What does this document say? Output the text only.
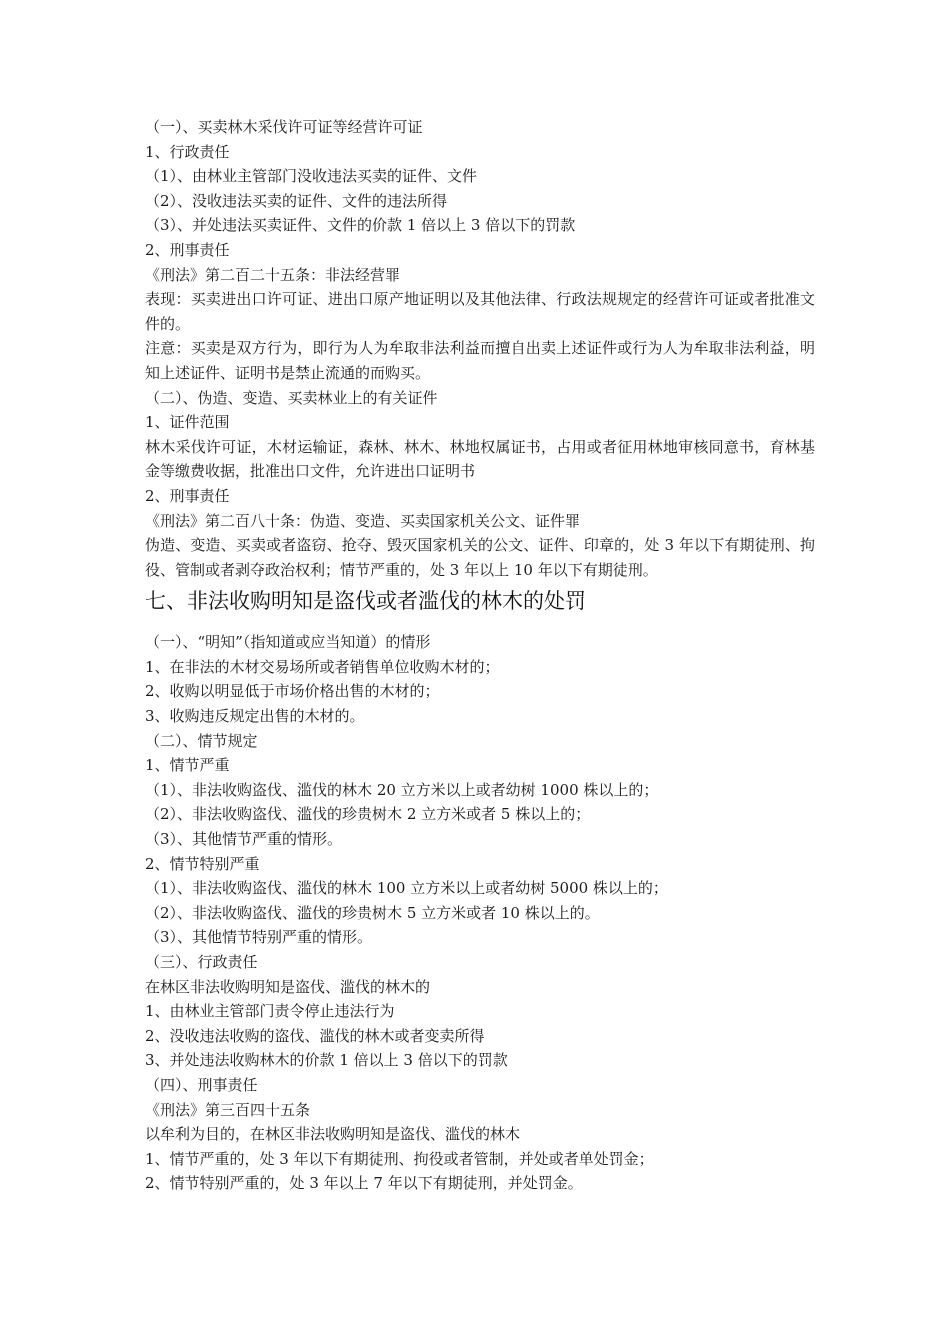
（一）、买卖林木采伐许可证等经营许可证
1、行政责任
（1）、由林业主管部门没收违法买卖的证件、文件
（2）、没收违法买卖的证件、文件的违法所得
（3）、并处违法买卖证件、文件的价款 1 倍以上 3 倍以下的罚款
2、刑事责任
《刑法》第二百二十五条：非法经营罪
表现：买卖进出口许可证、进出口原产地证明以及其他法律、行政法规规定的经营许可证或者批准文件的。
注意：买卖是双方行为，即行为人为牟取非法利益而擅自出卖上述证件或行为人为牟取非法利益，明知上述证件、证明书是禁止流通的而购买。
（二）、伪造、变造、买卖林业上的有关证件
1、证件范围
林木采伐许可证，木材运输证，森林、林木、林地权属证书，占用或者征用林地审核同意书，育林基金等缴费收据，批准出口文件，允许进出口证明书
2、刑事责任
《刑法》第二百八十条：伪造、变造、买卖国家机关公文、证件罪
伪造、变造、买卖或者盗窃、抢夺、毁灭国家机关的公文、证件、印章的，处 3 年以下有期徒刑、拘役、管制或者剥夺政治权利；情节严重的，处 3 年以上 10 年以下有期徒刑。
七、非法收购明知是盗伐或者滥伐的林木的处罚
（一）、“明知”（指知道或应当知道）的情形
1、在非法的木材交易场所或者销售单位收购木材的；
2、收购以明显低于市场价格出售的木材的；
3、收购违反规定出售的木材的。
（二）、情节规定
1、情节严重
（1）、非法收购盗伐、滥伐的林木 20 立方米以上或者幼树 1000 株以上的；
（2）、非法收购盗伐、滥伐的珍贵树木 2 立方米或者 5 株以上的；
（3）、其他情节严重的情形。
2、情节特别严重
（1）、非法收购盗伐、滥伐的林木 100 立方米以上或者幼树 5000 株以上的；
（2）、非法收购盗伐、滥伐的珍贵树木 5 立方米或者 10 株以上的。
（3）、其他情节特别严重的情形。
（三）、行政责任
在林区非法收购明知是盗伐、滥伐的林木的
1、由林业主管部门责令停止违法行为
2、没收违法收购的盗伐、滥伐的林木或者变卖所得
3、并处违法收购林木的价款 1 倍以上 3 倍以下的罚款
（四）、刑事责任
《刑法》第三百四十五条
以牟利为目的，在林区非法收购明知是盗伐、滥伐的林木
1、情节严重的，处 3 年以下有期徒刑、拘役或者管制，并处或者单处罚金；
2、情节特别严重的，处 3 年以上 7 年以下有期徒刑，并处罚金。
